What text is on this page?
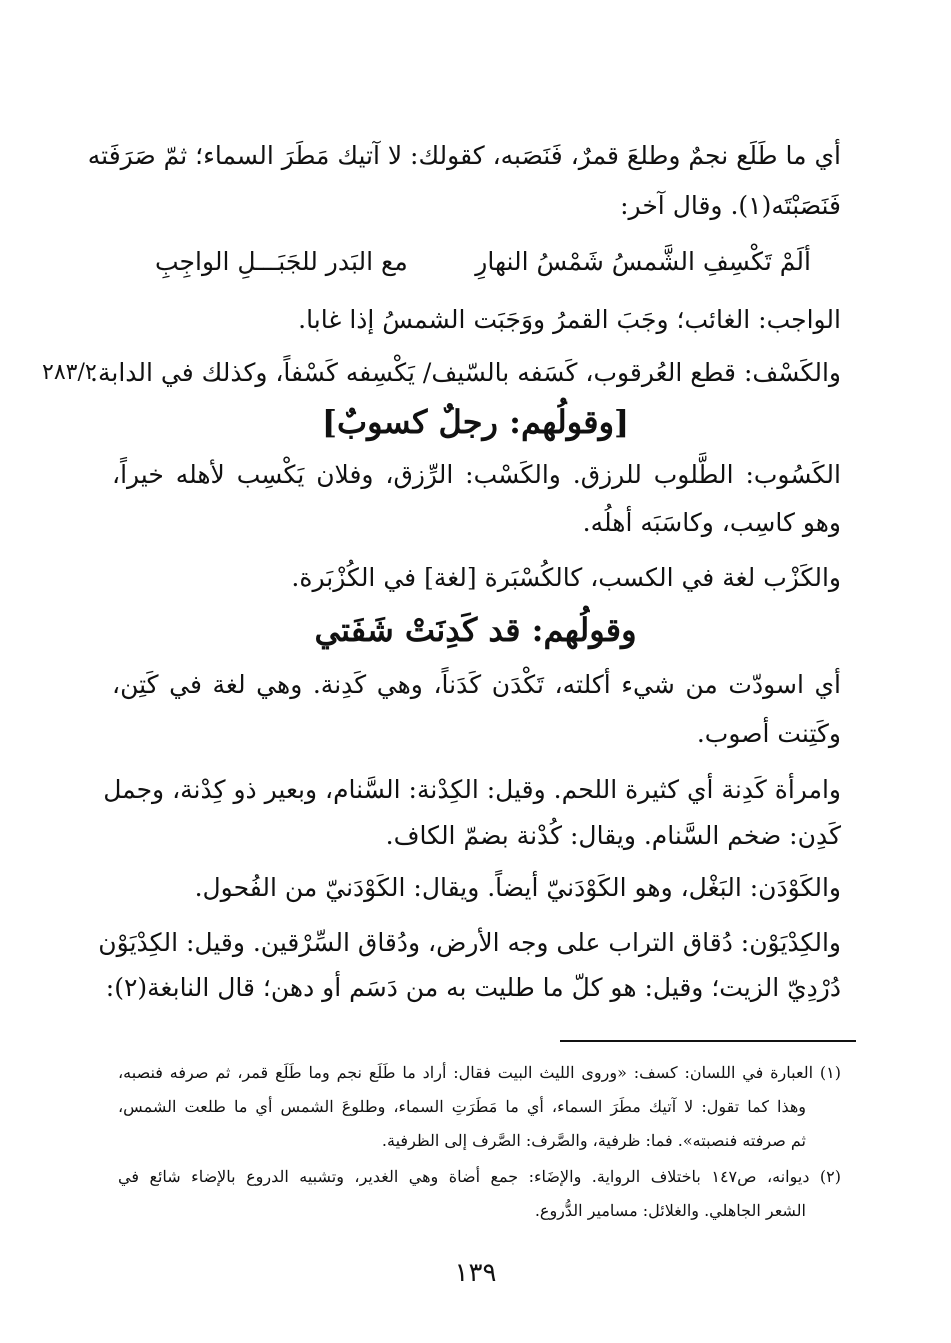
أي ما طَلَع نجمٌ وطلعَ قمرٌ، فَنَصَبه، كقولك: لا آتيك مَطَرَ السماء؛ ثمّ صَرَفَته
فَنَصَبْتَه(١). وقال آخر:
ألَمْ تَكْسِفِ الشَّمسُ شَمْسُ النهارِ
مع البَدر للجَبَـــلِ الواجِبِ
الواجب: الغائب؛ وجَبَ القمرُ ووَجَبَت الشمسُ إذا غابا.
والكَسْف: قطع العُرقوب، كَسَفه بالسّيف/ يَكْسِفه كَسْفاً، وكذلك في الدابة.
٢٨٣/٢
[وقولُهم: رجلٌ كسوبٌ]
الكَسُوب: الطَّلوب للرزق. والكَسْب: الرِّزق، وفلان يَكْسِب لأهله خيراً،
وهو كاسِب، وكاسَبَه أهلُه.
والكَزْب لغة في الكسب، كالكُسْبَرة [لغة] في الكُزْبَرة.
وقولُهم: قد كَدِنَتْ شَفَتي
أي اسودّت من شيء أكلته، تَكْدَن كَدَناً، وهي كَدِنة. وهي لغة في كَتِن،
وكَتِنت أصوب.
وامرأة كَدِنة أي كثيرة اللحم. وقيل: الكِدْنة: السَّنام، وبعير ذو كِدْنة، وجمل
كَدِن: ضخم السَّنام. ويقال: كُدْنة بضمّ الكاف.
والكَوْدَن: البَغْل، وهو الكَوْدَنيّ أيضاً. ويقال: الكَوْدَنيّ من الفُحول.
والكِدْيَوْن: دُقاق التراب على وجه الأرض، ودُقاق السِّرْقين. وقيل: الكِدْيَوْن
دُرْدِيّ الزيت؛ وقيل: هو كلّ ما طليت به من دَسَم أو دهن؛ قال النابغة(٢):
(١) العبارة في اللسان: كسف: «وروى الليث البيت فقال: أراد ما طَلَع نجم وما طَلَع قمر، ثم صرفه فنصبه،
وهذا كما تقول: لا آتيك مطَرَ السماء، أي ما مَطَرَتِ السماء، وطلوعَ الشمس أي ما طلعت الشمس،
ثم صرفته فنصبته». فما: ظرفية، والصَّرف: الصَّرف إلى الظرفية.
(٢) ديوانه، ص١٤٧ باختلاف الرواية. والإضَاء: جمع أضاة وهي الغدير، وتشبيه الدروع بالإضاء شائع في
الشعر الجاهلي. والغلائل: مسامير الدُّروع.
١٣٩
